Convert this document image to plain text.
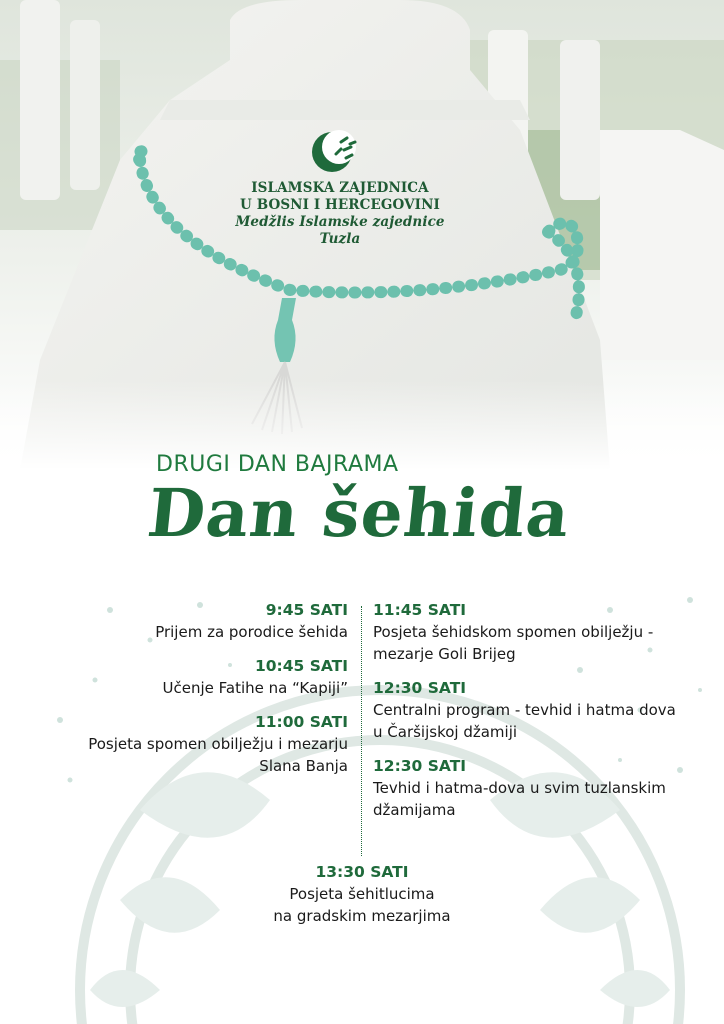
ISLAMSKA ZAJEDNICA
U BOSNI I HERCEGOVINI
Medžlis Islamske zajednice
Tuzla
DRUGI DAN BAJRAMA
Dan šehida
9:45 SATI
Prijem za porodice šehida
10:45 SATI
Učenje Fatihe na “Kapiji”
11:00 SATI
Posjeta spomen obilježju i mezarju
Slana Banja
11:45 SATI
Posjeta šehidskom spomen obilježju -
mezarje Goli Brijeg
12:30 SATI
Centralni program - tevhid i hatma dova
u Čaršijskoj džamiji
12:30 SATI
Tevhid i hatma-dova u svim tuzlanskim
džamijama
13:30 SATI
Posjeta šehitlucima
na gradskim mezarjima
